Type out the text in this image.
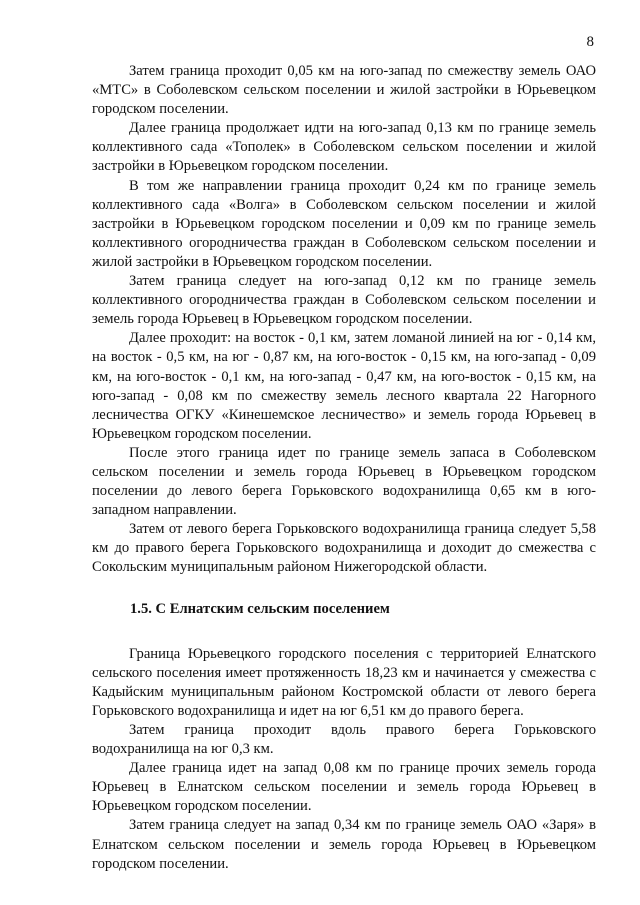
8

Затем граница проходит 0,05 км на юго-запад по смежеству земель ОАО «МТС» в Соболевском сельском поселении и жилой застройки в Юрьевецком городском поселении.

Далее граница продолжает идти на юго-запад 0,13 км по границе земель коллективного сада «Тополек» в Соболевском сельском поселении и жилой застройки в Юрьевецком городском поселении.

В том же направлении граница проходит 0,24 км по границе земель коллективного сада «Волга» в Соболевском сельском поселении и жилой застройки в Юрьевецком городском поселении и 0,09 км по границе земель коллективного огородничества граждан в Соболевском сельском поселении и жилой застройки в Юрьевецком городском поселении.

Затем граница следует на юго-запад 0,12 км по границе земель коллективного огородничества граждан в Соболевском сельском поселении и земель города Юрьевец в Юрьевецком городском поселении.

Далее проходит: на восток - 0,1 км, затем ломаной линией на юг - 0,14 км, на восток - 0,5 км, на юг - 0,87 км, на юго-восток - 0,15 км, на юго-запад - 0,09 км, на юго-восток - 0,1 км, на юго-запад - 0,47 км, на юго-восток - 0,15 км, на юго-запад - 0,08 км по смежеству земель лесного квартала 22 Нагорного лесничества ОГКУ «Кинешемское лесничество» и земель города Юрьевец в Юрьевецком городском поселении.

После этого граница идет по границе земель запаса в Соболевском сельском поселении и земель города Юрьевец в Юрьевецком городском поселении до левого берега Горьковского водохранилища 0,65 км в юго-западном направлении.

Затем от левого берега Горьковского водохранилища граница следует 5,58 км до правого берега Горьковского водохранилища и доходит до смежества с Сокольским муниципальным районом Нижегородской области.

1.5. С Елнатским сельским поселением

Граница Юрьевецкого городского поселения с территорией Елнатского сельского поселения имеет протяженность 18,23 км и начинается у смежества с Кадыйским муниципальным районом Костромской области от левого берега Горьковского водохранилища и идет на юг 6,51 км до правого берега.

Затем граница проходит вдоль правого берега Горьковского водохранилища на юг 0,3 км.

Далее граница идет на запад 0,08 км по границе прочих земель города Юрьевец в Елнатском сельском поселении и земель города Юрьевец в Юрьевецком городском поселении.

Затем граница следует на запад 0,34 км по границе земель ОАО «Заря» в Елнатском сельском поселении и земель города Юрьевец в Юрьевецком городском поселении.
